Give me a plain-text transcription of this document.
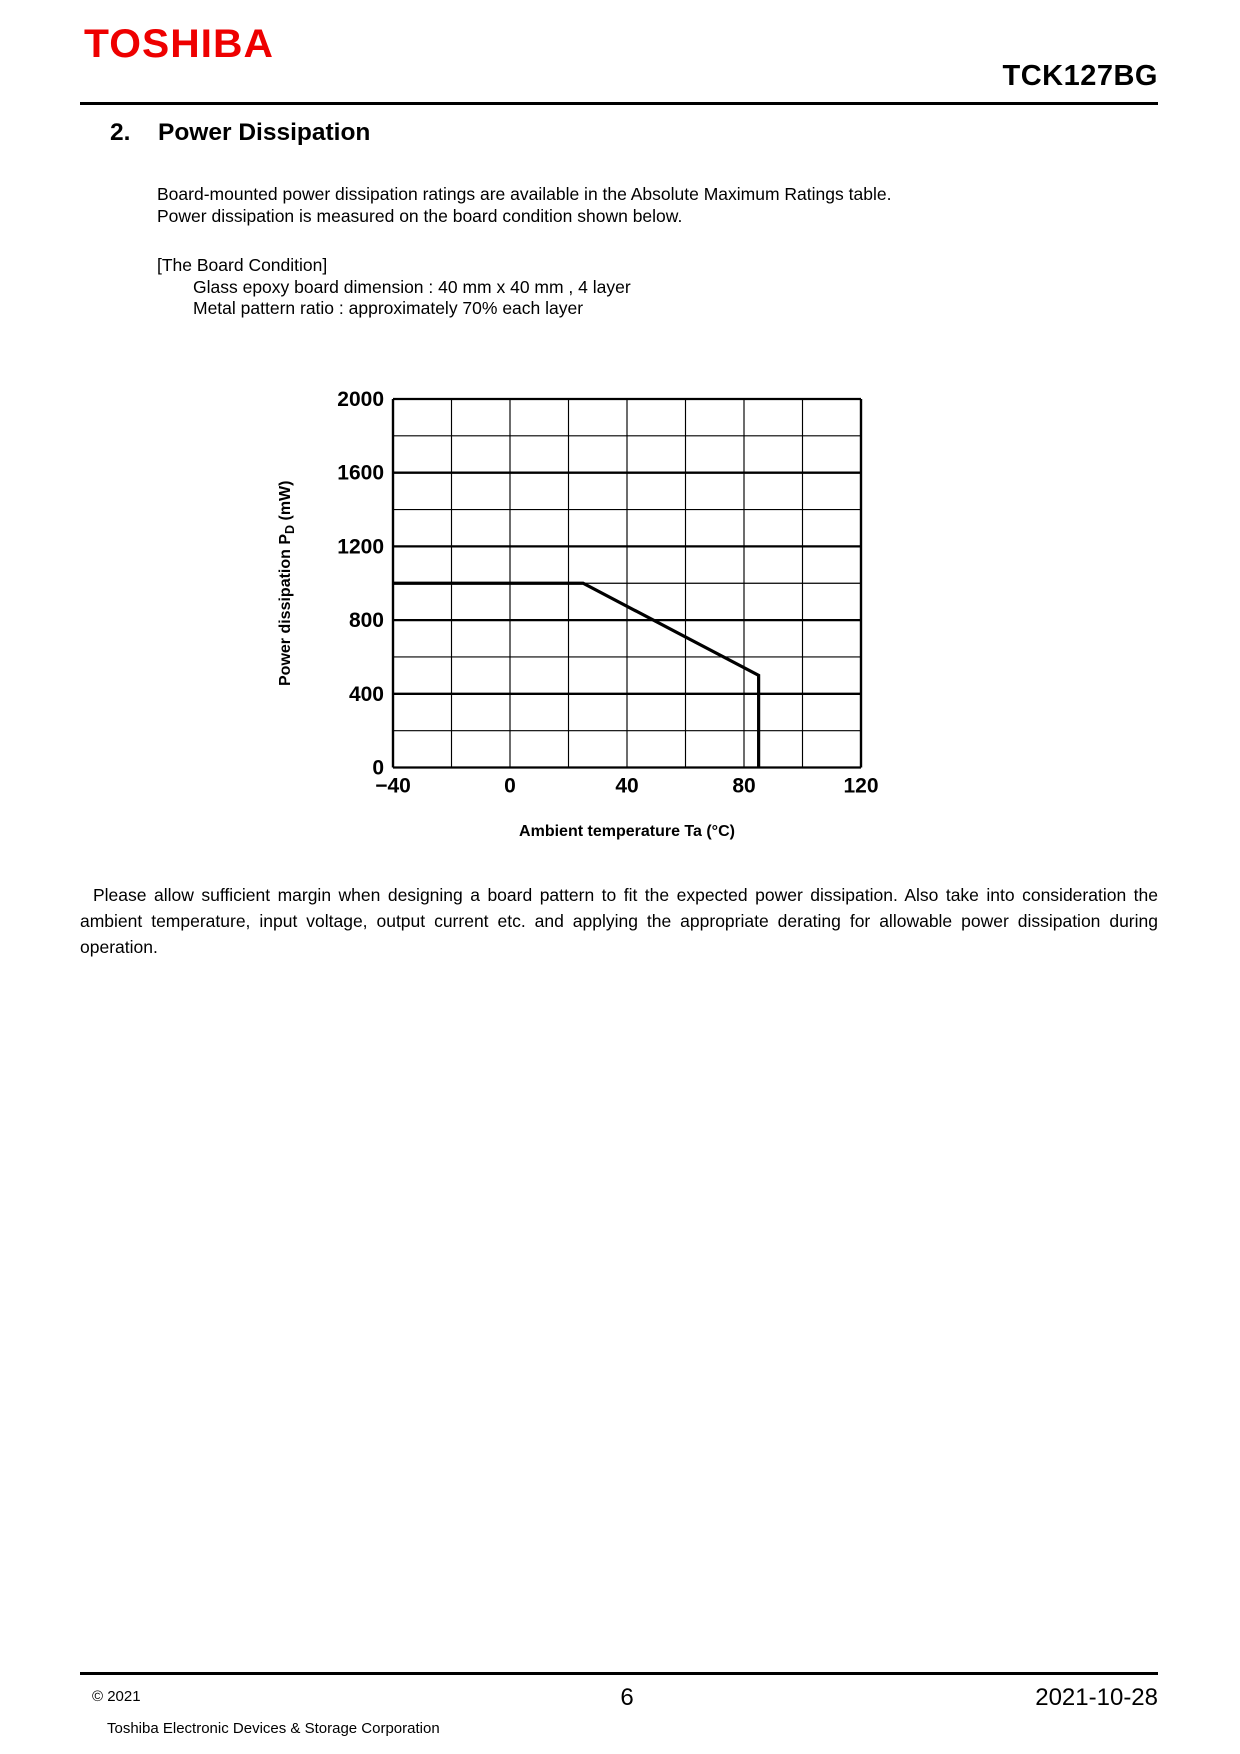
TOSHIBA
TCK127BG
2. Power Dissipation
Board-mounted power dissipation ratings are available in the Absolute Maximum Ratings table.
Power dissipation is measured on the board condition shown below.
[The Board Condition]
Glass epoxy board dimension : 40 mm x 40 mm , 4 layer
Metal pattern ratio : approximately 70% each layer
0
400
800
1200
1600
2000
−40	0	40	80	120
Ambient temperature Ta (°C)
Power dissipation $P_D$ (mW)
Please allow sufficient margin when designing a board pattern to fit the expected power dissipation. Also take into consideration the ambient temperature, input voltage, output current etc. and applying the appropriate derating for allowable power dissipation during operation.
© 2021
Toshiba Electronic Devices & Storage Corporation
6	2021-10-28
